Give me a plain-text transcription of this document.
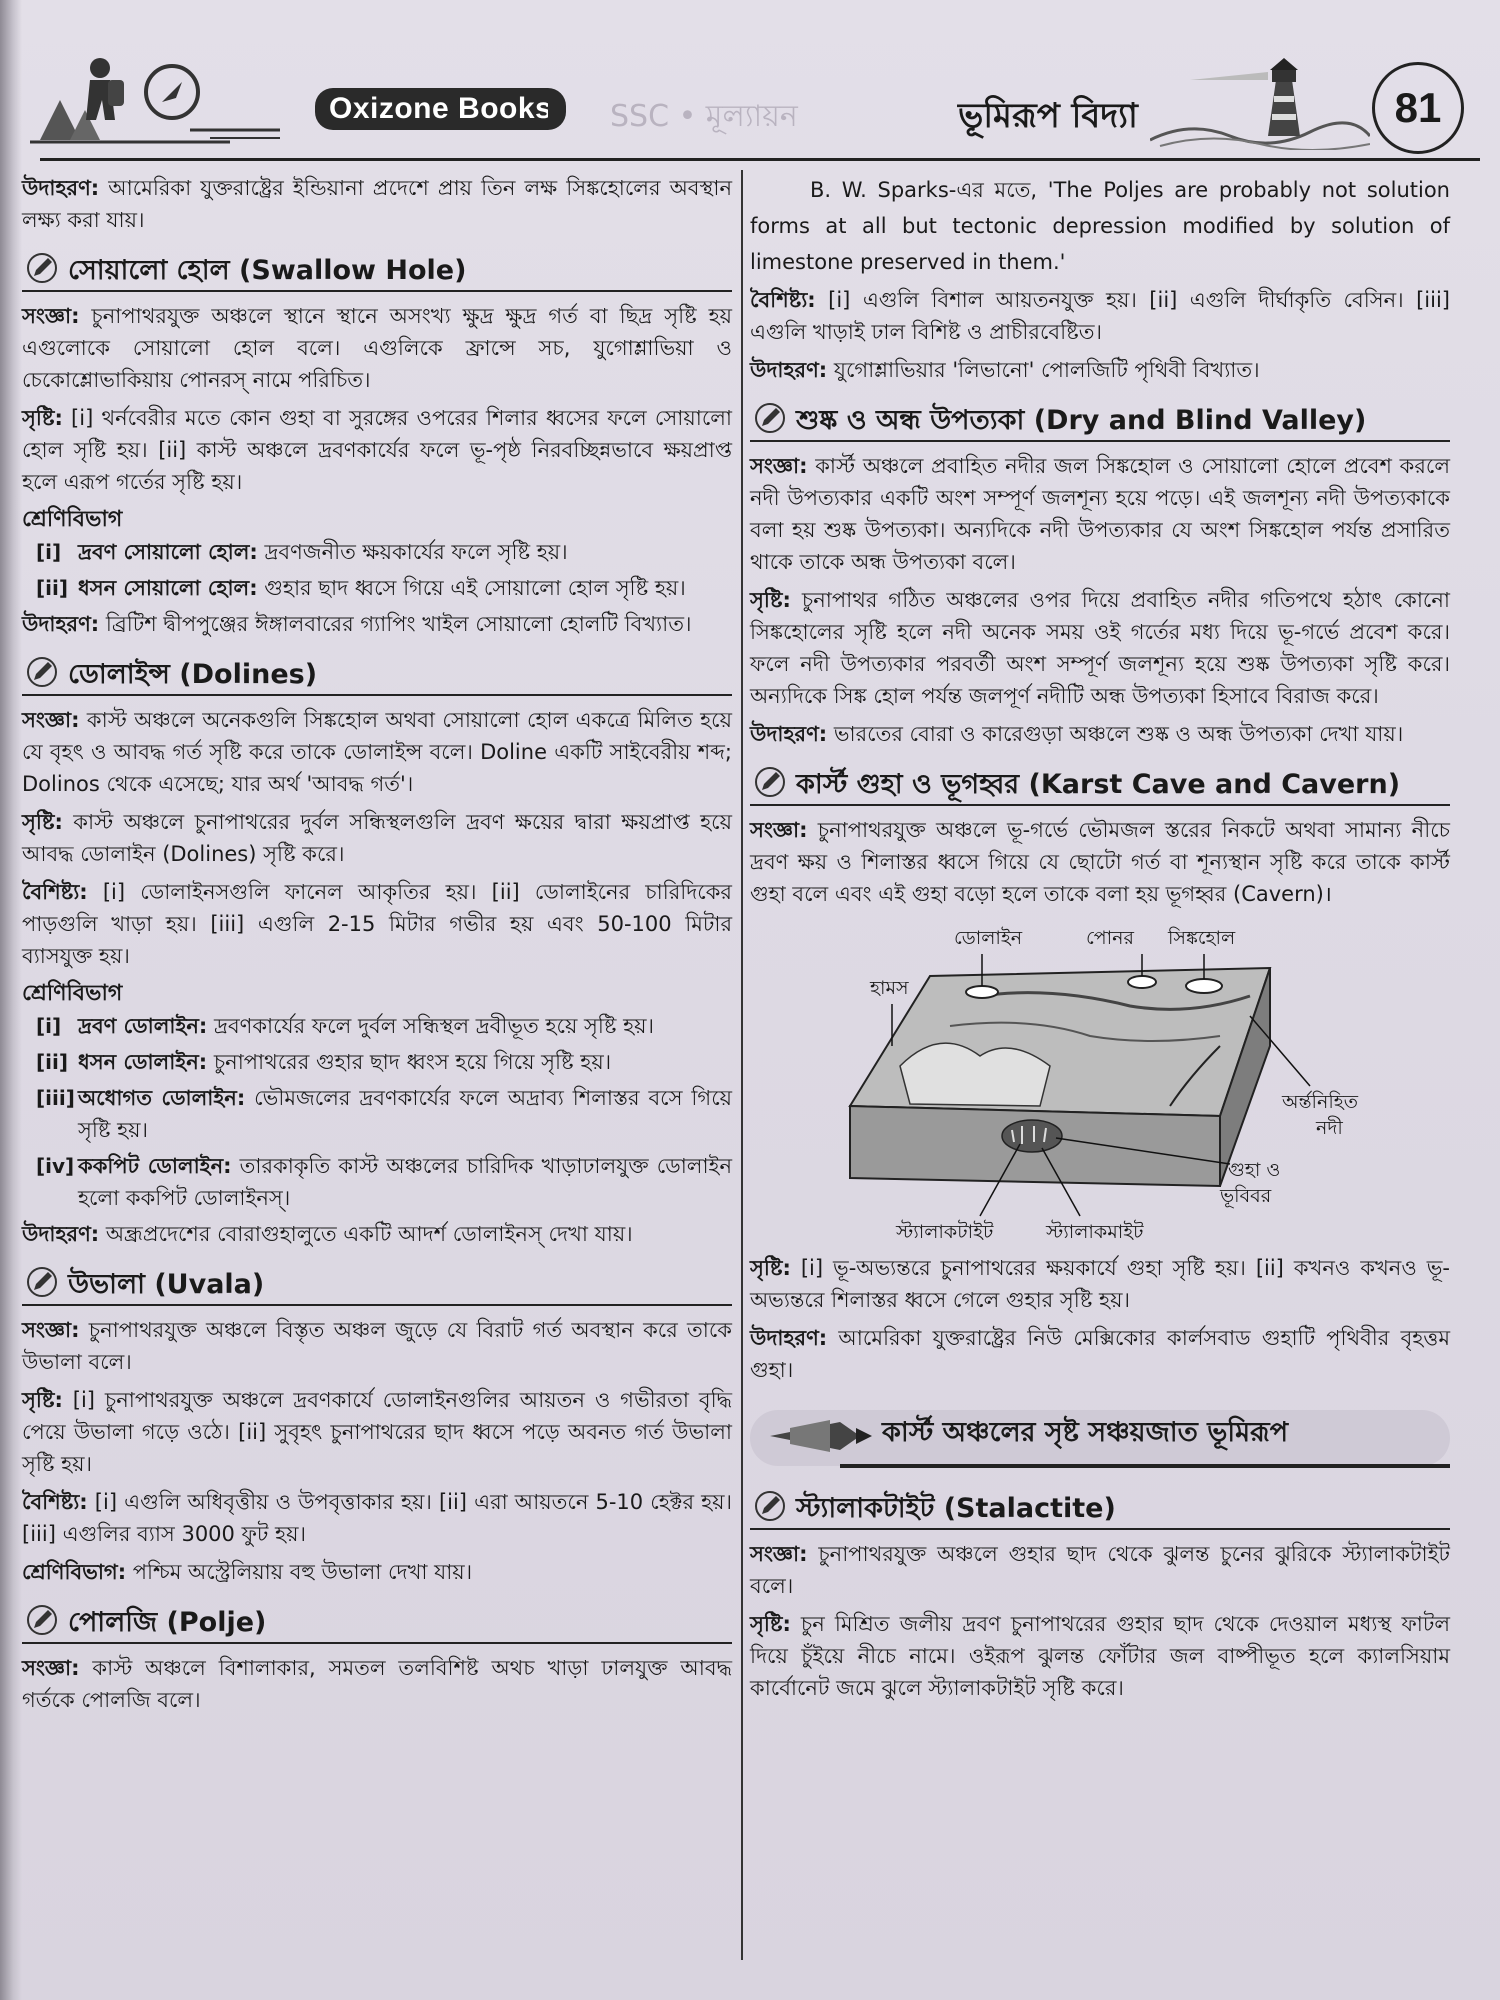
Oxizone Books	SSC • মূল্যায়ন	ভূমিরূপ বিদ্যা	81

উদাহরণ: আমেরিকা যুক্তরাষ্ট্রের ইন্ডিয়ানা প্রদেশে প্রায় তিন লক্ষ সিঙ্কহোলের অবস্থান লক্ষ্য করা যায়।

সোয়ালো হোল (Swallow Hole)

সংজ্ঞা: চুনাপাথরযুক্ত অঞ্চলে স্থানে স্থানে অসংখ্য ক্ষুদ্র ক্ষুদ্র গর্ত বা ছিদ্র সৃষ্টি হয় এগুলোকে সোয়ালো হোল বলে। এগুলিকে ফ্রান্সে সচ, যুগোশ্লাভিয়া ও চেকোশ্লোভাকিয়ায় পোনরস্ নামে পরিচিত।

সৃষ্টি: [i] থর্নবেরীর মতে কোন গুহা বা সুরঙ্গের ওপরের শিলার ধ্বসের ফলে সোয়ালো হোল সৃষ্টি হয়। [ii] কাস্ট অঞ্চলে দ্রবণকার্যের ফলে ভূ-পৃষ্ঠ নিরবচ্ছিন্নভাবে ক্ষয়প্রাপ্ত হলে এরূপ গর্তের সৃষ্টি হয়।

শ্রেণিবিভাগ
[i] দ্রবণ সোয়ালো হোল: দ্রবণজনীত ক্ষয়কার্যের ফলে সৃষ্টি হয়।
[ii] ধসন সোয়ালো হোল: গুহার ছাদ ধ্বসে গিয়ে এই সোয়ালো হোল সৃষ্টি হয়।

উদাহরণ: ব্রিটিশ দ্বীপপুঞ্জের ঈঙ্গালবারের গ্যাপিং খাইল সোয়ালো হোলটি বিখ্যাত।

ডোলাইন্স (Dolines)

সংজ্ঞা: কাস্ট অঞ্চলে অনেকগুলি সিঙ্কহোল অথবা সোয়ালো হোল একত্রে মিলিত হয়ে যে বৃহৎ ও আবদ্ধ গর্ত সৃষ্টি করে তাকে ডোলাইন্স বলে। Doline একটি সাইবেরীয় শব্দ; Dolinos থেকে এসেছে; যার অর্থ 'আবদ্ধ গর্ত'।

সৃষ্টি: কাস্ট অঞ্চলে চুনাপাথরের দুর্বল সন্ধিস্থলগুলি দ্রবণ ক্ষয়ের দ্বারা ক্ষয়প্রাপ্ত হয়ে আবদ্ধ ডোলাইন (Dolines) সৃষ্টি করে।

বৈশিষ্ট্য: [i] ডোলাইনসগুলি ফানেল আকৃতির হয়। [ii] ডোলাইনের চারিদিকের পাড়গুলি খাড়া হয়। [iii] এগুলি 2-15 মিটার গভীর হয় এবং 50-100 মিটার ব্যাসযুক্ত হয়।

শ্রেণিবিভাগ
[i] দ্রবণ ডোলাইন: দ্রবণকার্যের ফলে দুর্বল সন্ধিস্থল দ্রবীভূত হয়ে সৃষ্টি হয়।
[ii] ধসন ডোলাইন: চুনাপাথরের গুহার ছাদ ধ্বংস হয়ে গিয়ে সৃষ্টি হয়।
[iii] অধোগত ডোলাইন: ভৌমজলের দ্রবণকার্যের ফলে অদ্রাব্য শিলাস্তর বসে গিয়ে সৃষ্টি হয়।
[iv] ককপিট ডোলাইন: তারকাকৃতি কাস্ট অঞ্চলের চারিদিক খাড়াঢালযুক্ত ডোলাইন হলো ককপিট ডোলাইনস্।

উদাহরণ: অন্ধ্রপ্রদেশের বোরাগুহালুতে একটি আদর্শ ডোলাইনস্ দেখা যায়।

উভালা (Uvala)

সংজ্ঞা: চুনাপাথরযুক্ত অঞ্চলে বিস্তৃত অঞ্চল জুড়ে যে বিরাট গর্ত অবস্থান করে তাকে উভালা বলে।

সৃষ্টি: [i] চুনাপাথরযুক্ত অঞ্চলে দ্রবণকার্যে ডোলাইনগুলির আয়তন ও গভীরতা বৃদ্ধি পেয়ে উভালা গড়ে ওঠে। [ii] সুবৃহৎ চুনাপাথরের ছাদ ধ্বসে পড়ে অবনত গর্ত উভালা সৃষ্টি হয়।

বৈশিষ্ট্য: [i] এগুলি অধিবৃত্তীয় ও উপবৃত্তাকার হয়। [ii] এরা আয়তনে 5-10 হেক্টর হয়। [iii] এগুলির ব্যাস 3000 ফুট হয়।

শ্রেণিবিভাগ: পশ্চিম অস্ট্রেলিয়ায় বহু উভালা দেখা যায়।

পোলজি (Polje)

সংজ্ঞা: কাস্ট অঞ্চলে বিশালাকার, সমতল তলবিশিষ্ট অথচ খাড়া ঢালযুক্ত আবদ্ধ গর্তকে পোলজি বলে।

B. W. Sparks-এর মতে, 'The Poljes are probably not solution forms at all but tectonic depression modified by solution of limestone preserved in them.'

বৈশিষ্ট্য: [i] এগুলি বিশাল আয়তনযুক্ত হয়। [ii] এগুলি দীর্ঘাকৃতি বেসিন। [iii] এগুলি খাড়াই ঢাল বিশিষ্ট ও প্রাচীরবেষ্টিত।

উদাহরণ: যুগোশ্লাভিয়ার 'লিভানো' পোলজিটি পৃথিবী বিখ্যাত।

শুষ্ক ও অন্ধ উপত্যকা (Dry and Blind Valley)

সংজ্ঞা: কার্স্ট অঞ্চলে প্রবাহিত নদীর জল সিঙ্কহোল ও সোয়ালো হোলে প্রবেশ করলে নদী উপত্যকার একটি অংশ সম্পূর্ণ জলশূন্য হয়ে পড়ে। এই জলশূন্য নদী উপত্যকাকে বলা হয় শুষ্ক উপত্যকা। অন্যদিকে নদী উপত্যকার যে অংশ সিঙ্কহোল পর্যন্ত প্রসারিত থাকে তাকে অন্ধ উপত্যকা বলে।

সৃষ্টি: চুনাপাথর গঠিত অঞ্চলের ওপর দিয়ে প্রবাহিত নদীর গতিপথে হঠাৎ কোনো সিঙ্কহোলের সৃষ্টি হলে নদী অনেক সময় ওই গর্তের মধ্য দিয়ে ভূ-গর্ভে প্রবেশ করে। ফলে নদী উপত্যকার পরবর্তী অংশ সম্পূর্ণ জলশূন্য হয়ে শুষ্ক উপত্যকা সৃষ্টি করে। অন্যদিকে সিঙ্ক হোল পর্যন্ত জলপূর্ণ নদীটি অন্ধ উপত্যকা হিসাবে বিরাজ করে।

উদাহরণ: ভারতের বোরা ও কারেগুড়া অঞ্চলে শুষ্ক ও অন্ধ উপত্যকা দেখা যায়।

কার্স্ট গুহা ও ভূগহ্বর (Karst Cave and Cavern)

সংজ্ঞা: চুনাপাথরযুক্ত অঞ্চলে ভূ-গর্ভে ভৌমজল স্তরের নিকটে অথবা সামান্য নীচে দ্রবণ ক্ষয় ও শিলাস্তর ধ্বসে গিয়ে যে ছোটো গর্ত বা শূন্যস্থান সৃষ্টি করে তাকে কার্স্ট গুহা বলে এবং এই গুহা বড়ো হলে তাকে বলা হয় ভূগহ্বর (Cavern)।

ডোলাইন	পোনর সিঙ্কহোল
হামস
অর্ন্তনিহিত
নদী
গুহা ও
ভূবিবর
স্ট্যালাকটাইট	স্ট্যালাকমাইট

সৃষ্টি: [i] ভূ-অভ্যন্তরে চুনাপাথরের ক্ষয়কার্যে গুহা সৃষ্টি হয়। [ii] কখনও কখনও ভূ-অভ্যন্তরে শিলাস্তর ধ্বসে গেলে গুহার সৃষ্টি হয়।

উদাহরণ: আমেরিকা যুক্তরাষ্ট্রের নিউ মেক্সিকোর কার্লসবাড গুহাটি পৃথিবীর বৃহত্তম গুহা।

কার্স্ট অঞ্চলের সৃষ্ট সঞ্চয়জাত ভূমিরূপ
স্ট্যালাকটাইট (Stalactite)

সংজ্ঞা: চুনাপাথরযুক্ত অঞ্চলে গুহার ছাদ থেকে ঝুলন্ত চুনের ঝুরিকে স্ট্যালাকটাইট বলে।

সৃষ্টি: চুন মিশ্রিত জলীয় দ্রবণ চুনাপাথরের গুহার ছাদ থেকে দেওয়াল মধ্যস্থ ফাটল দিয়ে চুঁইয়ে নীচে নামে। ওইরূপ ঝুলন্ত ফোঁটার জল বাষ্পীভূত হলে ক্যালসিয়াম কার্বোনেট জমে ঝুলে স্ট্যালাকটাইট সৃষ্টি করে।
